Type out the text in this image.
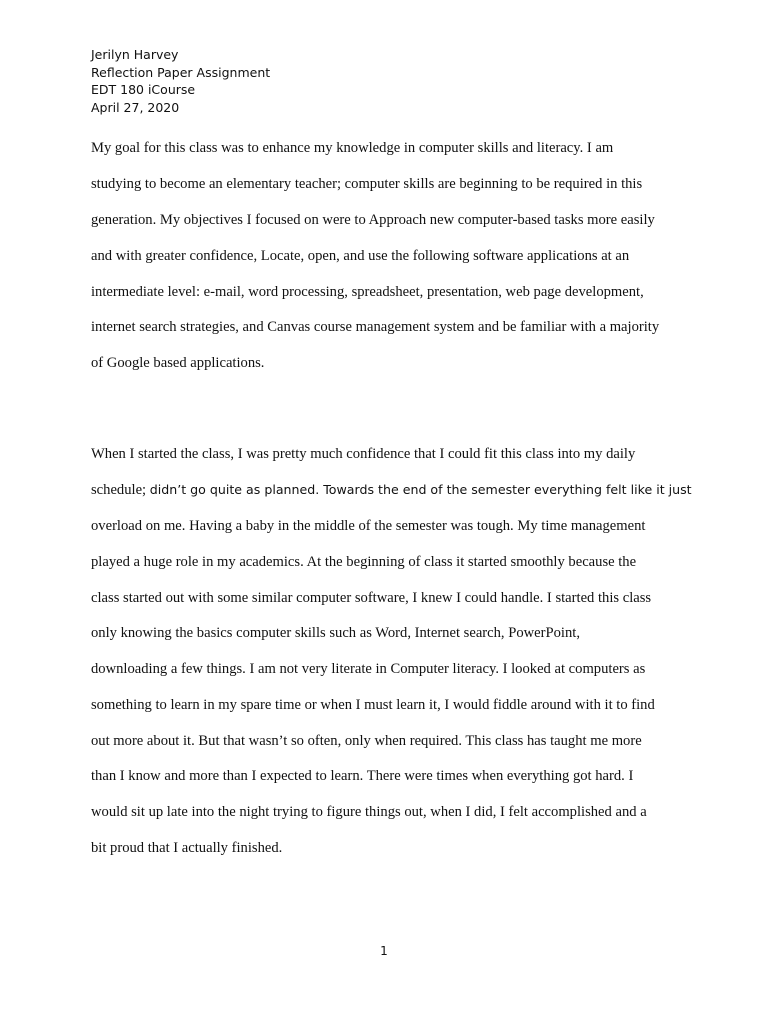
Jerilyn Harvey
Reflection Paper Assignment
EDT 180 iCourse
April 27, 2020
My goal for this class was to enhance my knowledge in computer skills and literacy. I am
studying to become an elementary teacher; computer skills are beginning to be required in this
generation. My objectives I focused on were to Approach new computer-based tasks more easily
and with greater confidence, Locate, open, and use the following software applications at an
intermediate level: e-mail, word processing, spreadsheet, presentation, web page development,
internet search strategies, and Canvas course management system and be familiar with a majority
of Google based applications.
When I started the class, I was pretty much confidence that I could fit this class into my daily
schedule; didn’t go quite as planned. Towards the end of the semester everything felt like it just
overload on me. Having a baby in the middle of the semester was tough. My time management
played a huge role in my academics. At the beginning of class it started smoothly because the
class started out with some similar computer software, I knew I could handle. I started this class
only knowing the basics computer skills such as Word, Internet search, PowerPoint,
downloading a few things. I am not very literate in Computer literacy. I looked at computers as
something to learn in my spare time or when I must learn it, I would fiddle around with it to find
out more about it. But that wasn’t so often, only when required. This class has taught me more
than I know and more than I expected to learn. There were times when everything got hard. I
would sit up late into the night trying to figure things out, when I did, I felt accomplished and a
bit proud that I actually finished.
1
